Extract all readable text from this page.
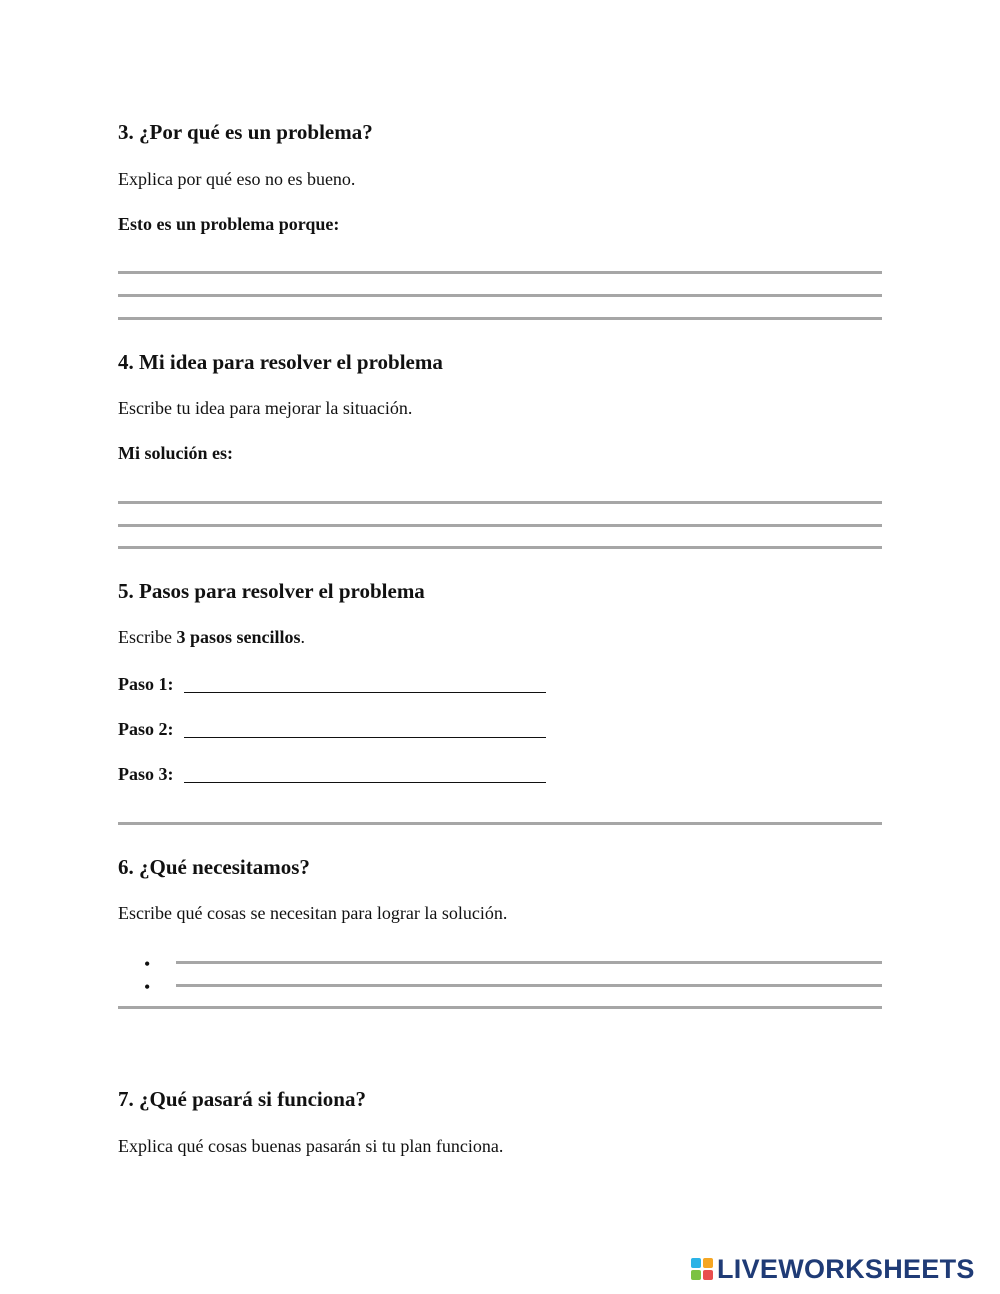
3. ¿Por qué es un problema?
Explica por qué eso no es bueno.
Esto es un problema porque:
4. Mi idea para resolver el problema
Escribe tu idea para mejorar la situación.
Mi solución es:
5. Pasos para resolver el problema
Escribe 3 pasos sencillos.
Paso 1:
Paso 2:
Paso 3:
6. ¿Qué necesitamos?
Escribe qué cosas se necesitan para lograr la solución.
•
•
7. ¿Qué pasará si funciona?
Explica qué cosas buenas pasarán si tu plan funciona.
LIVEWORKSHEETS
